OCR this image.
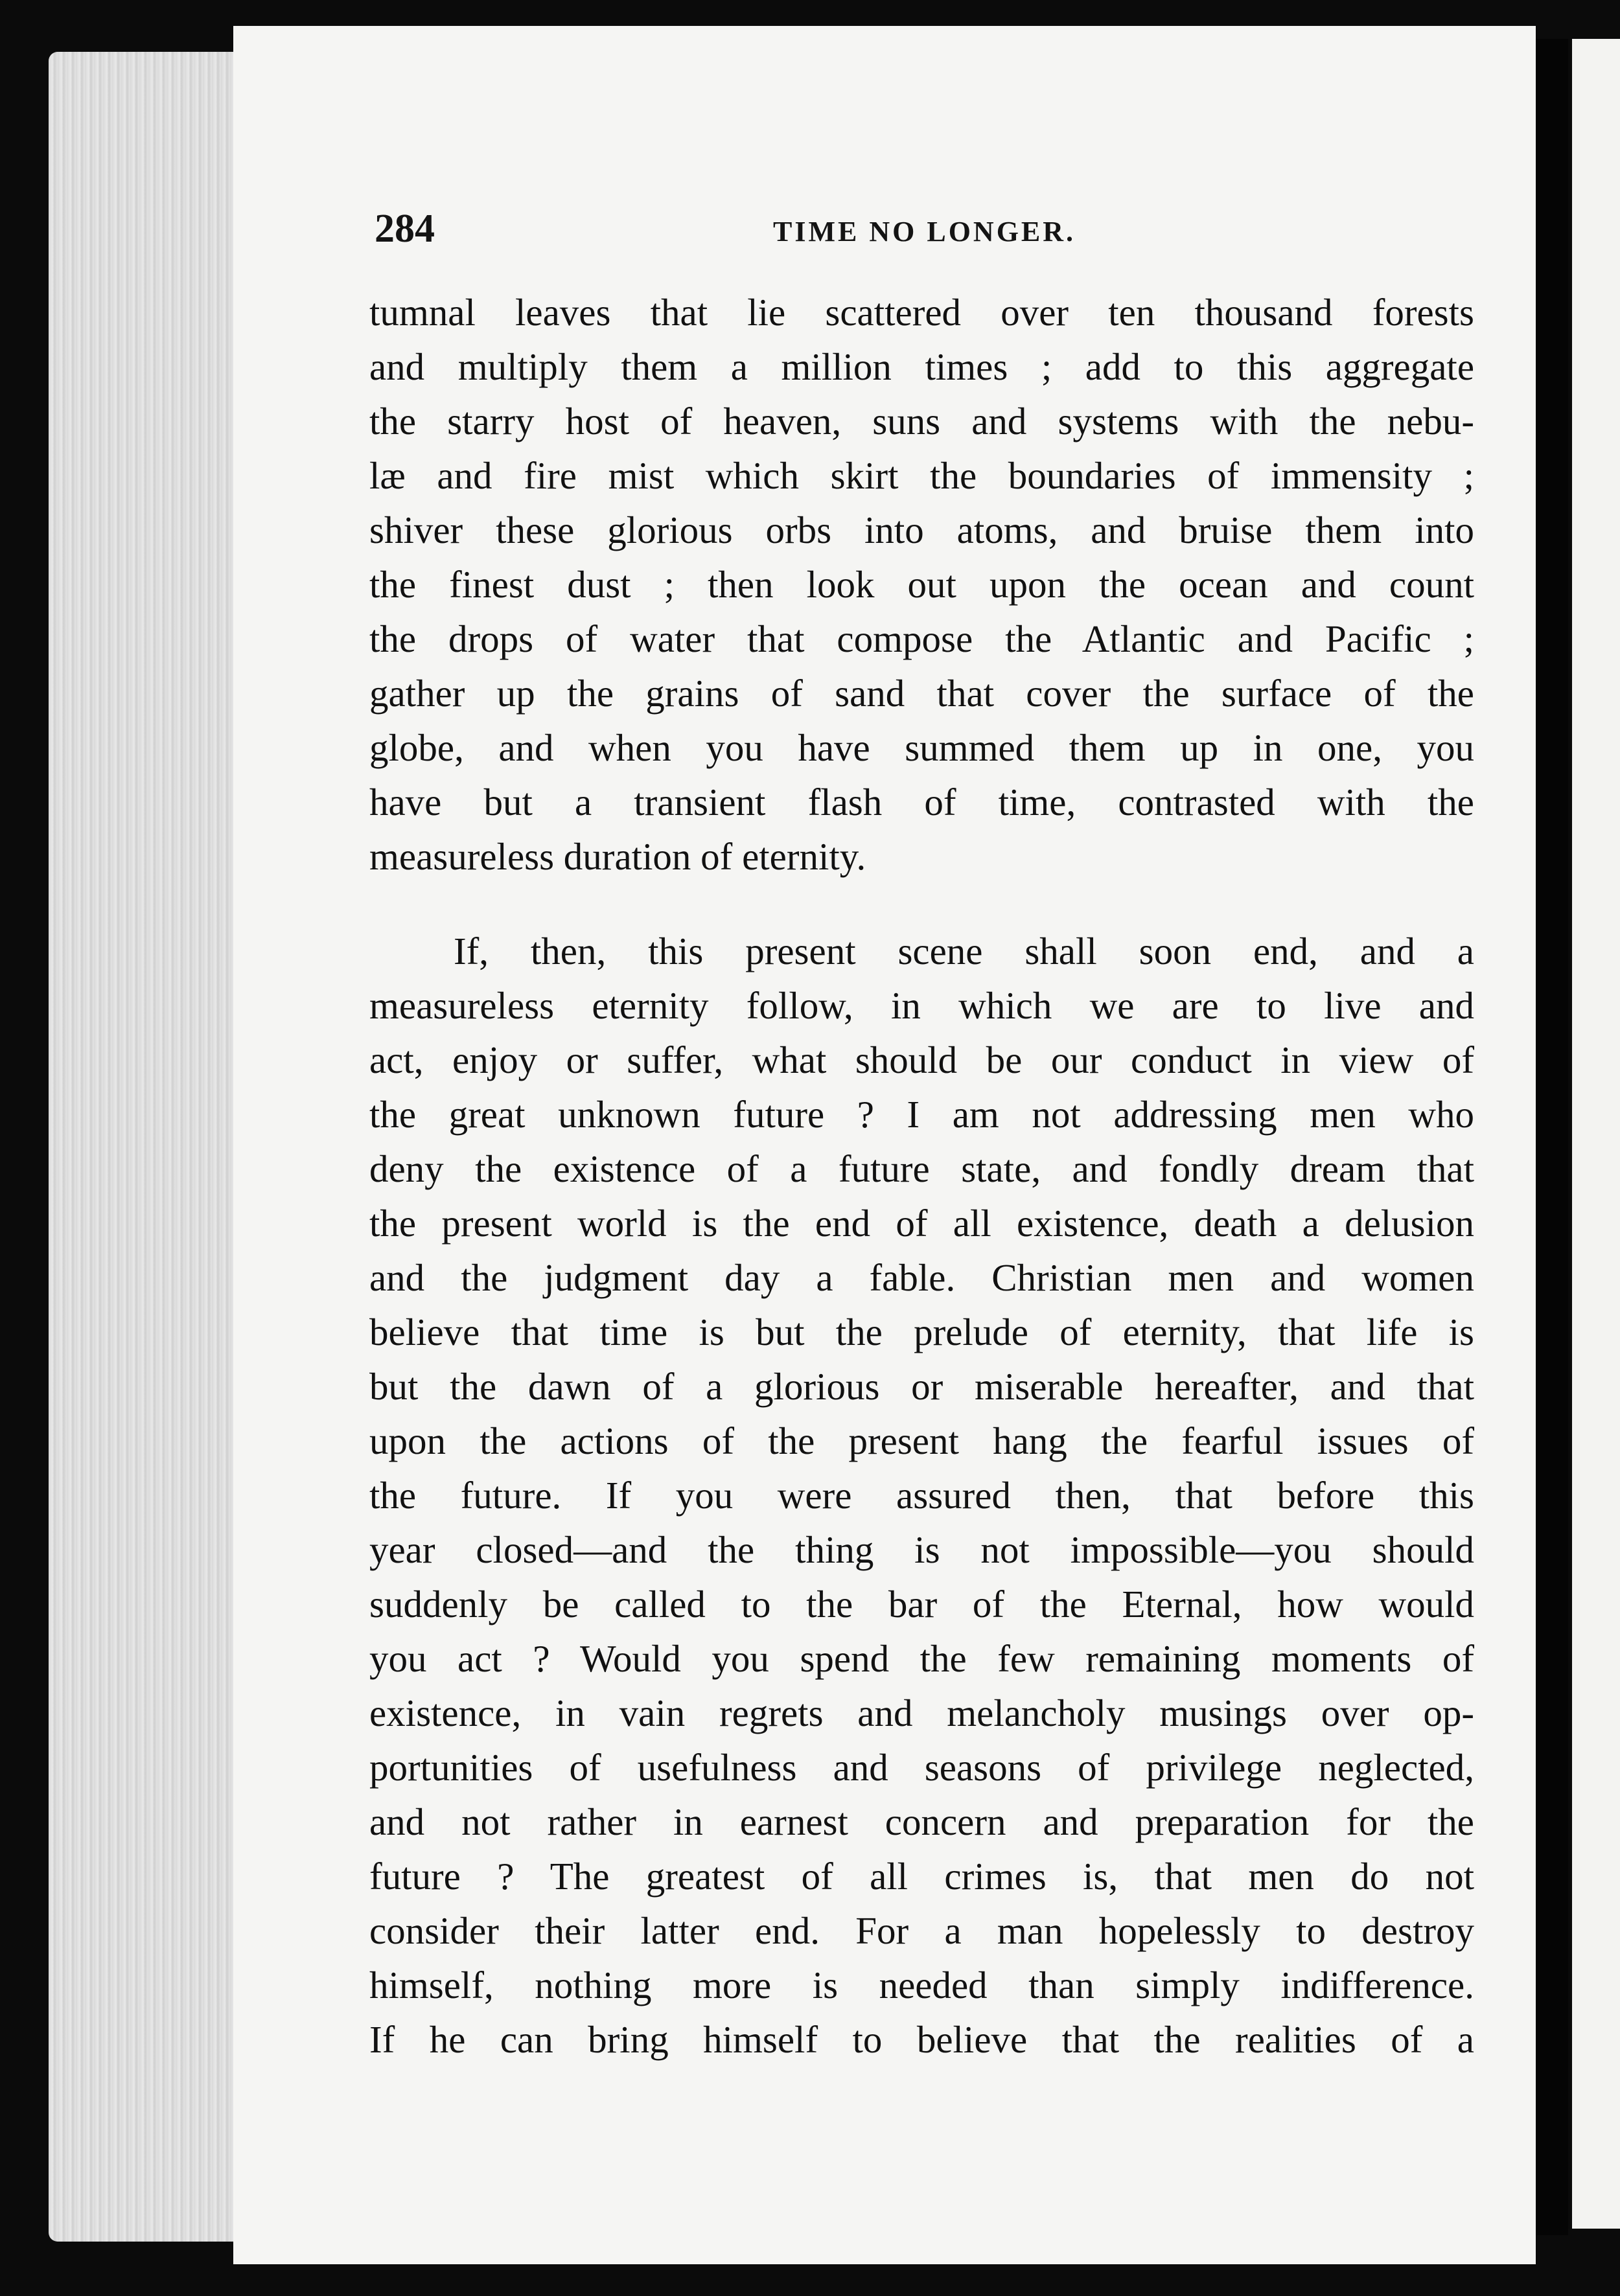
284	TIME NO LONGER.
tumnal leaves that lie scattered over ten thousand forests
and multiply them a million times ; add to this aggregate
the starry host of heaven, suns and systems with the nebu-
læ and fire mist which skirt the boundaries of immensity ;
shiver these glorious orbs into atoms, and bruise them into
the finest dust ; then look out upon the ocean and count
the drops of water that compose the Atlantic and Pacific ;
gather up the grains of sand that cover the surface of the
globe, and when you have summed them up in one, you
have but a transient flash of time, contrasted with the
measureless duration of eternity.
If, then, this present scene shall soon end, and a
measureless eternity follow, in which we are to live and
act, enjoy or suffer, what should be our conduct in view of
the great unknown future ? I am not addressing men who
deny the existence of a future state, and fondly dream that
the present world is the end of all existence, death a delusion
and the judgment day a fable. Christian men and women
believe that time is but the prelude of eternity, that life is
but the dawn of a glorious or miserable hereafter, and that
upon the actions of the present hang the fearful issues of
the future. If you were assured then, that before this
year closed—and the thing is not impossible—you should
suddenly be called to the bar of the Eternal, how would
you act ? Would you spend the few remaining moments of
existence, in vain regrets and melancholy musings over op-
portunities of usefulness and seasons of privilege neglected,
and not rather in earnest concern and preparation for the
future ? The greatest of all crimes is, that men do not
consider their latter end. For a man hopelessly to destroy
himself, nothing more is needed than simply indifference.
If he can bring himself to believe that the realities of a
